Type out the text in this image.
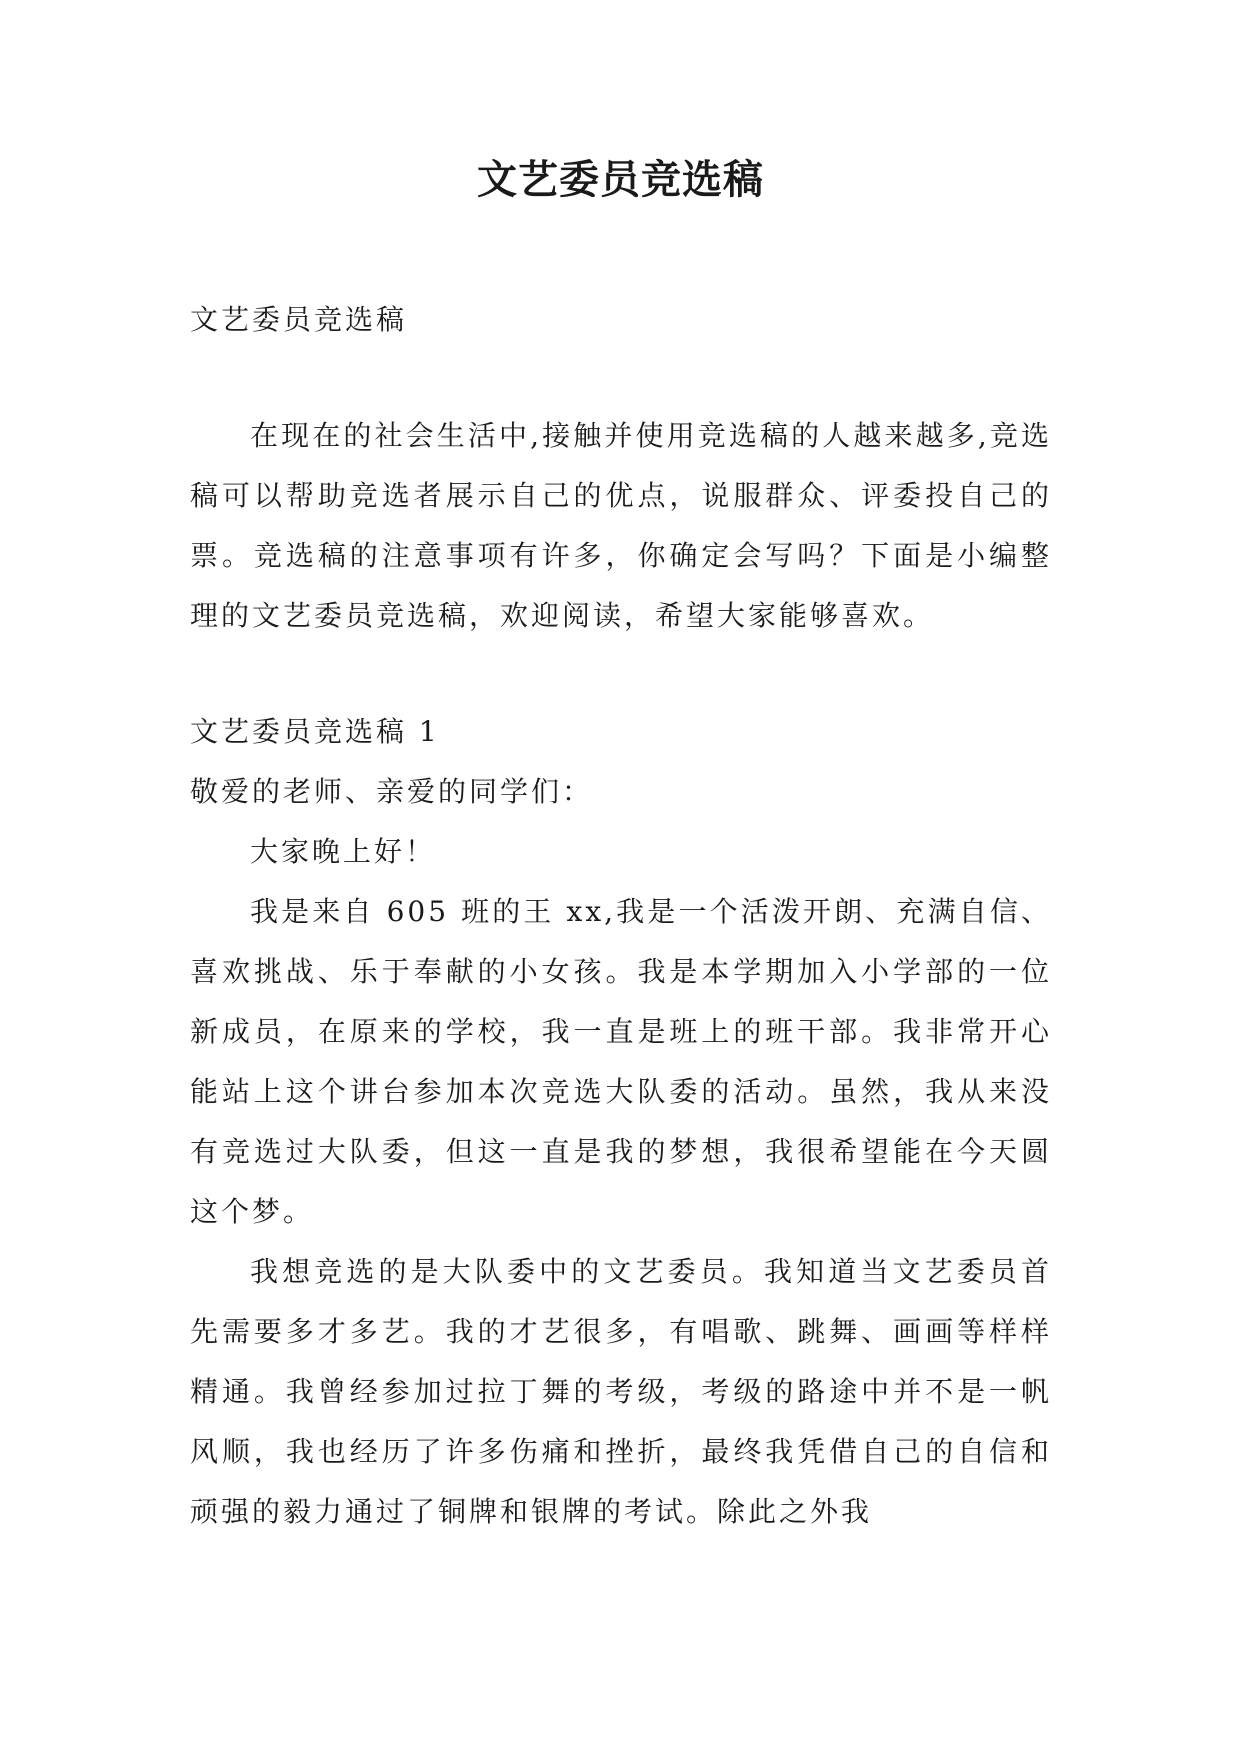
文艺委员竞选稿

文艺委员竞选稿

在现在的社会生活中,接触并使用竞选稿的人越来越多,竞选稿可以帮助竞选者展示自己的优点，说服群众、评委投自己的票。竞选稿的注意事项有许多，你确定会写吗？下面是小编整理的文艺委员竞选稿，欢迎阅读，希望大家能够喜欢。

文艺委员竞选稿 1

敬爱的老师、亲爱的同学们：

大家晚上好！

我是来自 605 班的王 xx,我是一个活泼开朗、充满自信、喜欢挑战、乐于奉献的小女孩。我是本学期加入小学部的一位新成员，在原来的学校，我一直是班上的班干部。我非常开心能站上这个讲台参加本次竞选大队委的活动。虽然，我从来没有竞选过大队委，但这一直是我的梦想，我很希望能在今天圆这个梦。

我想竞选的是大队委中的文艺委员。我知道当文艺委员首先需要多才多艺。我的才艺很多，有唱歌、跳舞、画画等样样精通。我曾经参加过拉丁舞的考级，考级的路途中并不是一帆风顺，我也经历了许多伤痛和挫折，最终我凭借自己的自信和顽强的毅力通过了铜牌和银牌的考试。除此之外我
